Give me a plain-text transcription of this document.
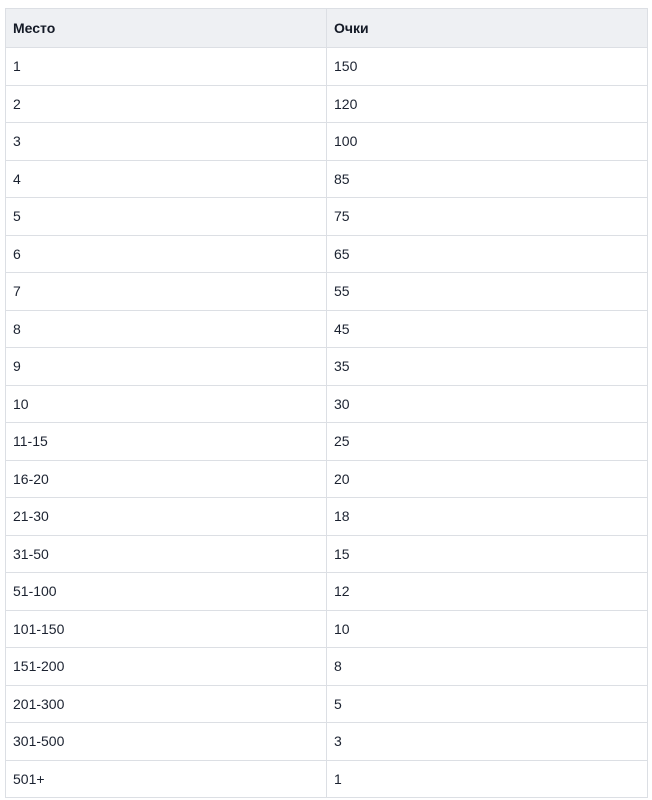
Место	Очки
1	150
2	120
3	100
4	85
5	75
6	65
7	55
8	45
9	35
10	30
11-15	25
16-20	20
21-30	18
31-50	15
51-100	12
101-150	10
151-200	8
201-300	5
301-500	3
501+	1
